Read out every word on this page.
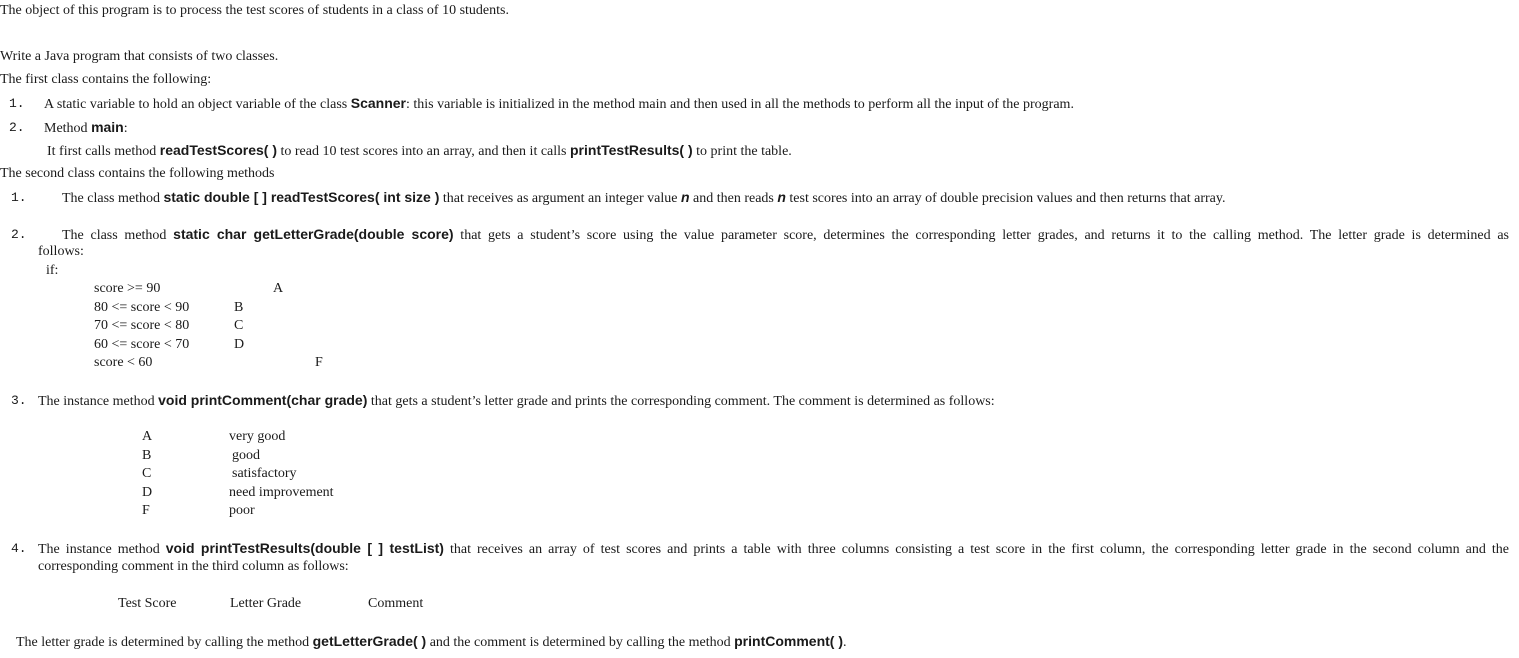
The object of this program is to process the test scores of students in a class of 10 students.
Write a Java program that consists of two classes.
The first class contains the following:
1. A static variable to hold an object variable of the class Scanner: this variable is initialized in the method main and then used in all the methods to perform all the input of the program.
2. Method main:
It first calls method readTestScores( ) to read 10 test scores into an array, and then it calls printTestResults( ) to print the table.
The second class contains the following methods
1.	The class method static double [ ] readTestScores( int size ) that receives as argument an integer value n and then reads n test scores into an array of double precision values and then returns that array.
2.	The class method static char getLetterGrade(double score) that gets a student’s score using the value parameter score, determines the corresponding letter grades, and returns it to the calling method. The letter grade is determined as
follows:
if:
score >= 90	A
80 <= score < 90	B
70 <= score < 80	C
60 <= score < 70	D
score < 60	F
3. The instance method void printComment(char grade) that gets a student’s letter grade and prints the corresponding comment. The comment is determined as follows:
A	very good
B	good
C	satisfactory
D	need improvement
F	poor
4. The instance method void printTestResults(double [ ] testList) that receives an array of test scores and prints a table with three columns consisting a test score in the first column, the corresponding letter grade in the second column and the
corresponding comment in the third column as follows:
Test Score	Letter Grade	Comment
The letter grade is determined by calling the method getLetterGrade( ) and the comment is determined by calling the method printComment( ).
